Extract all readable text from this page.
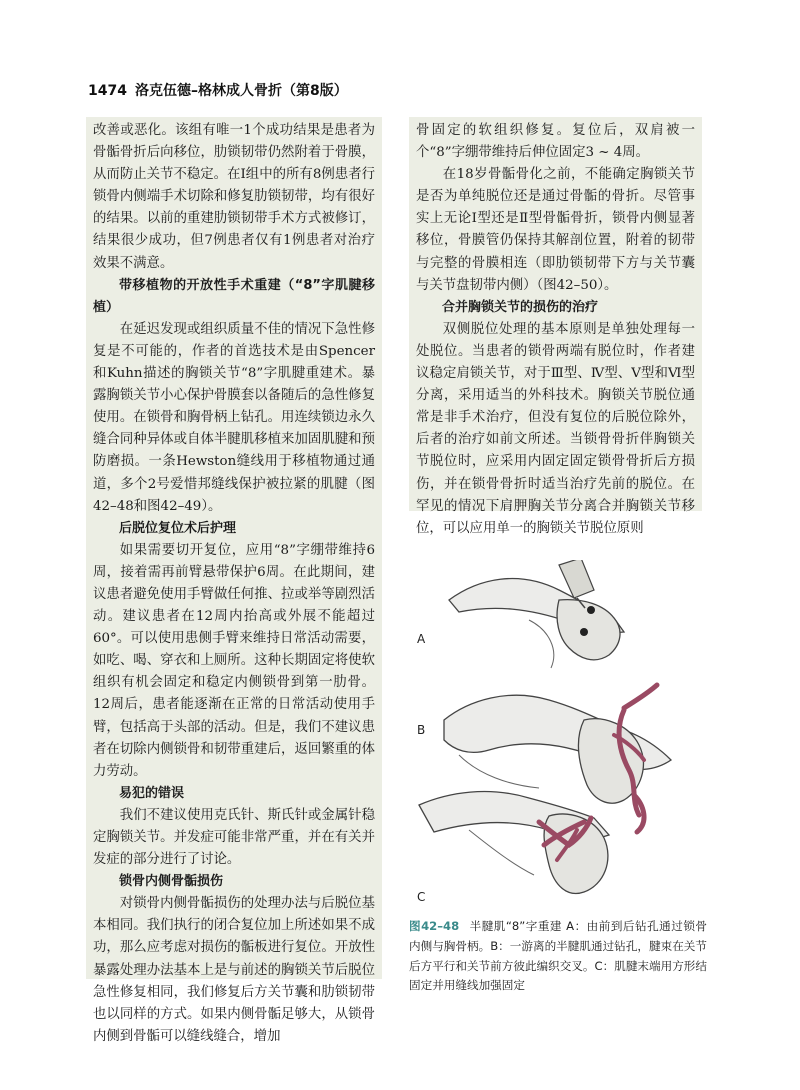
1474 洛克伍德–格林成人骨折（第8版）

改善或恶化。该组有唯一1个成功结果是患者为骨骺骨折后向移位，肋锁韧带仍然附着于骨膜，从而防止关节不稳定。在Ⅰ组中的所有8例患者行锁骨内侧端手术切除和修复肋锁韧带，均有很好的结果。以前的重建肋锁韧带手术方式被修订，结果很少成功，但7例患者仅有1例患者对治疗效果不满意。

带移植物的开放性手术重建（“8”字肌腱移植）

在延迟发现或组织质量不佳的情况下急性修复是不可能的，作者的首选技术是由Spencer和Kuhn描述的胸锁关节“8”字肌腱重建术。暴露胸锁关节小心保护骨膜套以备随后的急性修复使用。在锁骨和胸骨柄上钻孔。用连续锁边永久缝合同种异体或自体半腱肌移植来加固肌腱和预防磨损。一条Hewston缝线用于移植物通过通道，多个2号爱惜邦缝线保护被拉紧的肌腱（图42–48和图42–49）。

后脱位复位术后护理

如果需要切开复位，应用“8”字绷带维持6周，接着需再前臂悬带保护6周。在此期间，建议患者避免使用手臂做任何推、拉或举等剧烈活动。建议患者在12周内抬高或外展不能超过60°。可以使用患侧手臂来维持日常活动需要，如吃、喝、穿衣和上厕所。这种长期固定将使软组织有机会固定和稳定内侧锁骨到第一肋骨。12周后，患者能逐渐在正常的日常活动使用手臂，包括高于头部的活动。但是，我们不建议患者在切除内侧锁骨和韧带重建后，返回繁重的体力劳动。

易犯的错误

我们不建议使用克氏针、斯氏针或金属针稳定胸锁关节。并发症可能非常严重，并在有关并发症的部分进行了讨论。

锁骨内侧骨骺损伤

对锁骨内侧骨骺损伤的处理办法与后脱位基本相同。我们执行的闭合复位加上所述如果不成功，那么应考虑对损伤的骺板进行复位。开放性暴露处理办法基本上是与前述的胸锁关节后脱位急性修复相同，我们修复后方关节囊和肋锁韧带也以同样的方式。如果内侧骨骺足够大，从锁骨内侧到骨骺可以缝线缝合，增加

骨固定的软组织修复。复位后，双肩被一个“8”字绷带维持后伸位固定3 ~ 4周。

在18岁骨骺骨化之前，不能确定胸锁关节是否为单纯脱位还是通过骨骺的骨折。尽管事实上无论Ⅰ型还是Ⅱ型骨骺骨折，锁骨内侧显著移位，骨膜管仍保持其解剖位置，附着的韧带与完整的骨膜相连（即肋锁韧带下方与关节囊与关节盘韧带内侧）（图42–50）。

合并胸锁关节的损伤的治疗

双侧脱位处理的基本原则是单独处理每一处脱位。当患者的锁骨两端有脱位时，作者建议稳定肩锁关节，对于Ⅲ型、Ⅳ型、Ⅴ型和Ⅵ型分离，采用适当的外科技术。胸锁关节脱位通常是非手术治疗，但没有复位的后脱位除外，后者的治疗如前文所述。当锁骨骨折伴胸锁关节脱位时，应采用内固定固定锁骨骨折后方损伤，并在锁骨骨折时适当治疗先前的脱位。在罕见的情况下肩胛胸关节分离合并胸锁关节移位，可以应用单一的胸锁关节脱位原则

A
B
C
图42–48 半腱肌“8”字重建 A：由前到后钻孔通过锁骨内侧与胸骨柄。B：一游离的半腱肌通过钻孔，腱束在关节后方平行和关节前方彼此编织交叉。C：肌腱末端用方形结固定并用缝线加强固定
